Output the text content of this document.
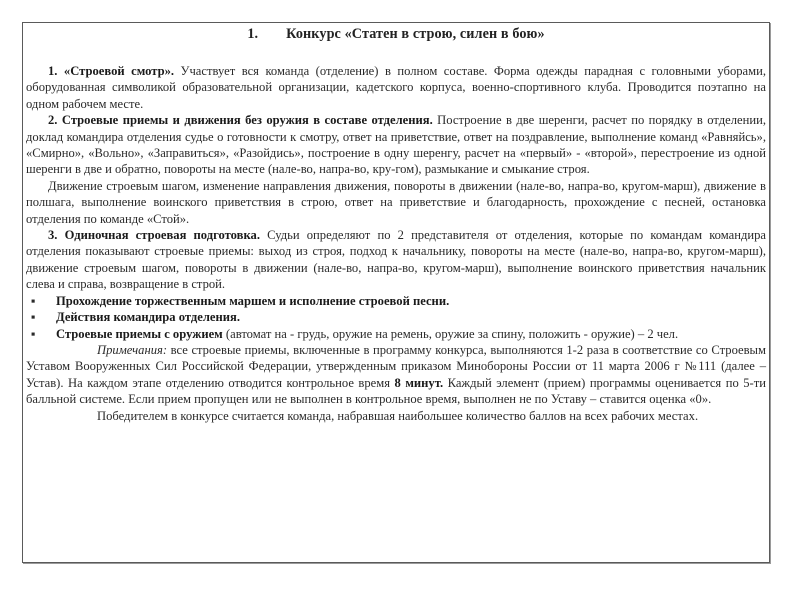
1. Конкурс «Статен в строю, силен в бою»

1. «Строевой смотр». Участвует вся команда (отделение) в полном составе. Форма одежды парадная с головными уборами, оборудованная символикой образовательной организации, кадетского корпуса, военно-спортивного клуба. Проводится поэтапно на одном рабочем месте.

2. Строевые приемы и движения без оружия в составе отделения. Построение в две шеренги, расчет по порядку в отделении, доклад командира отделения судье о готовности к смотру, ответ на приветствие, ответ на поздравление, выполнение команд «Равняйсь», «Смирно», «Вольно», «Заправиться», «Разойдись», построение в одну шеренгу, расчет на «первый» - «второй», перестроение из одной шеренги в две и обратно, повороты на месте (нале-во, напра-во, кру-гом), размыкание и смыкание строя.

Движение строевым шагом, изменение направления движения, повороты в движении (нале-во, напра-во, кругом-марш), движение в полшага, выполнение воинского приветствия в строю, ответ на приветствие и благодарность, прохождение с песней, остановка отделения по команде «Стой».

3. Одиночная строевая подготовка. Судьи определяют по 2 представителя от отделения, которые по командам командира отделения показывают строевые приемы: выход из строя, подход к начальнику, повороты на месте (нале-во, напра-во, кругом-марш), движение строевым шагом, повороты в движении (нале-во, напра-во, кругом-марш), выполнение воинского приветствия начальник слева и справа, возвращение в строй.

▪	Прохождение торжественным маршем и исполнение строевой песни.
▪	Действия командира отделения.
▪	Строевые приемы с оружием (автомат на - грудь, оружие на ремень, оружие за спину, положить - оружие) – 2 чел.

Примечания: все строевые приемы, включенные в программу конкурса, выполняются 1-2 раза в соответствие со Строевым Уставом Вооруженных Сил Российской Федерации, утвержденным приказом Минобороны России от 11 марта 2006 г №111 (далее – Устав). На каждом этапе отделению отводится контрольное время 8 минут. Каждый элемент (прием) программы оценивается по 5-ти балльной системе. Если прием пропущен или не выполнен в контрольное время, выполнен не по Уставу – ставится оценка «0».

Победителем в конкурсе считается команда, набравшая наибольшее количество баллов на всех рабочих местах.
